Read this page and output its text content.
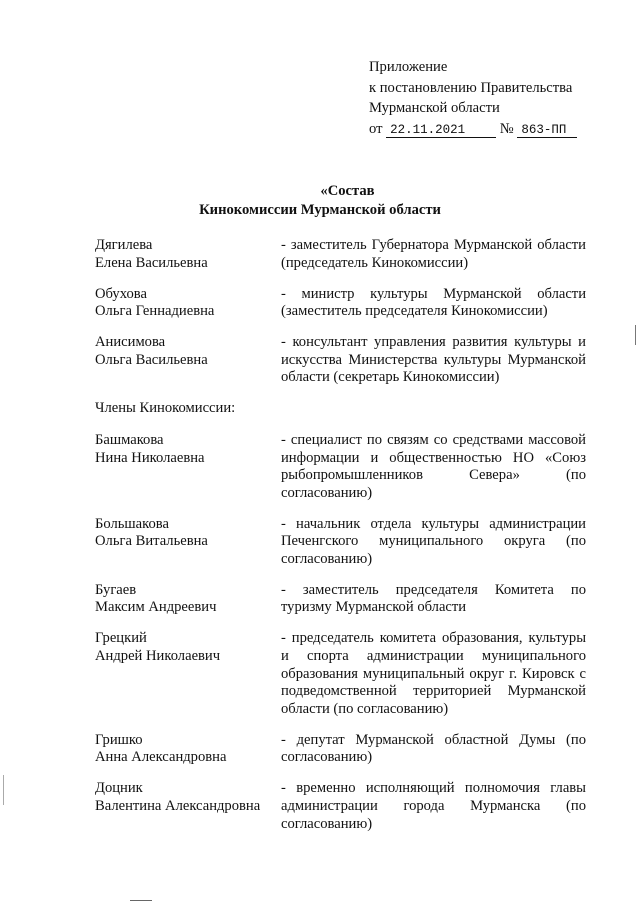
Приложение
к постановлению Правительства
Мурманской области
от 22.11.2021 № 863-ПП
«Состав
Кинокомиссии Мурманской области
Дягилева
Елена Васильевна
- заместитель Губернатора Мурманской области (председатель Кинокомиссии)
Обухова
Ольга Геннадиевна
- министр культуры Мурманской области (заместитель председателя Кинокомиссии)
Анисимова
Ольга Васильевна
- консультант управления развития культуры и искусства Министерства культуры Мурманской области (секретарь Кинокомиссии)
Члены Кинокомиссии:
Башмакова
Нина Николаевна
- специалист по связям со средствами массовой информации и общественностью НО «Союз рыбопромышленников Севера» (по согласованию)
Большакова
Ольга Витальевна
- начальник отдела культуры администрации Печенгского муниципального округа (по согласованию)
Бугаев
Максим Андреевич
- заместитель председателя Комитета по туризму Мурманской области
Грецкий
Андрей Николаевич
- председатель комитета образования, культуры и спорта администрации муниципального образования муниципальный округ г. Кировск с подведомственной территорией Мурманской области (по согласованию)
Гришко
Анна Александровна
- депутат Мурманской областной Думы (по согласованию)
Доцник
Валентина Александровна
- временно исполняющий полномочия главы администрации города Мурманска (по согласованию)
